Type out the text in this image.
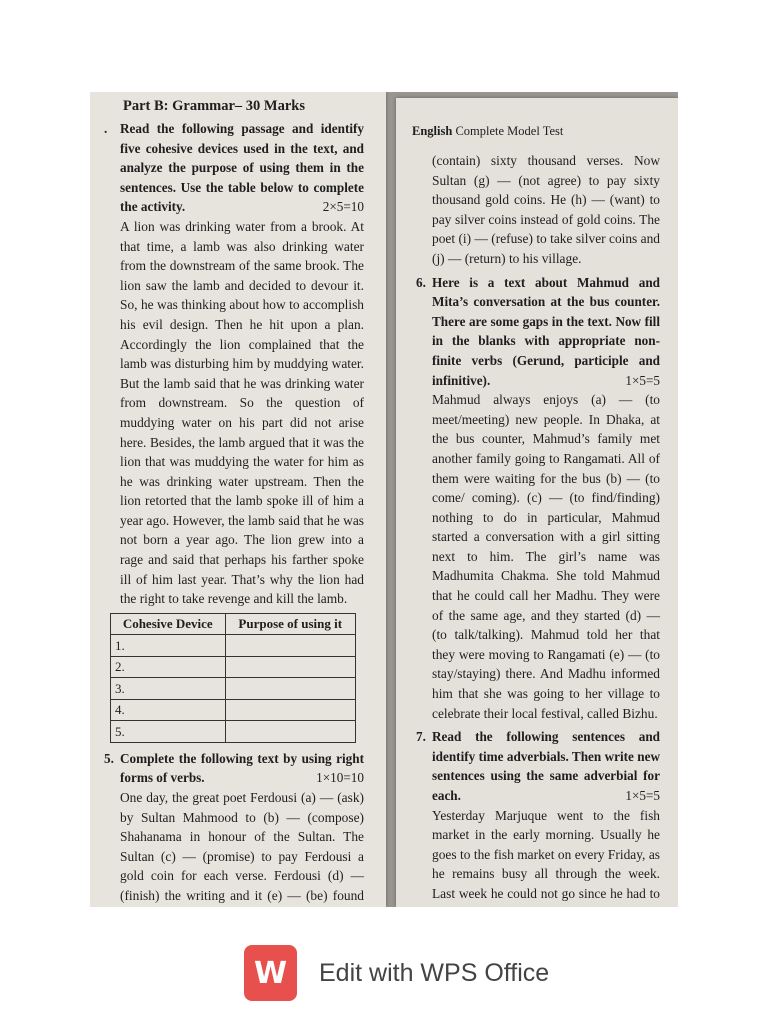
Part B: Grammar– 30 Marks
. Read the following passage and identify five cohesive devices used in the text, and analyze the purpose of using them in the sentences. Use the table below to complete the activity.	2×5=10
A lion was drinking water from a brook. At that time, a lamb was also drinking water from the downstream of the same brook. The lion saw the lamb and decided to devour it. So, he was thinking about how to accomplish his evil design. Then he hit upon a plan. Accordingly the lion complained that the lamb was disturbing him by muddying water. But the lamb said that he was drinking water from downstream. So the question of muddying water on his part did not arise here. Besides, the lamb argued that it was the lion that was muddying the water for him as he was drinking water upstream. Then the lion retorted that the lamb spoke ill of him a year ago. However, the lamb said that he was not born a year ago. The lion grew into a rage and said that perhaps his farther spoke ill of him last year. That’s why the lion had the right to take revenge and kill the lamb.
Cohesive Device	Purpose of using it
1.	
2.	
3.	
4.	
5.	
5. Complete the following text by using right forms of verbs.	1×10=10
One day, the great poet Ferdousi (a) — (ask) by Sultan Mahmood to (b) — (compose) Shahanama in honour of the Sultan. The Sultan (c) — (promise) to pay Ferdousi a gold coin for each verse. Ferdousi (d) — (finish) the writing and it (e) — (be) found
English Complete Model Test
(contain) sixty thousand verses. Now Sultan (g) — (not agree) to pay sixty thousand gold coins. He (h) — (want) to pay silver coins instead of gold coins. The poet (i) — (refuse) to take silver coins and (j) — (return) to his village.
6. Here is a text about Mahmud and Mita’s conversation at the bus counter. There are some gaps in the text. Now fill in the blanks with appropriate non-finite verbs (Gerund, participle and infinitive).	1×5=5
Mahmud always enjoys (a) — (to meet/meeting) new people. In Dhaka, at the bus counter, Mahmud’s family met another family going to Rangamati. All of them were waiting for the bus (b) — (to come/ coming). (c) — (to find/finding) nothing to do in particular, Mahmud started a conversation with a girl sitting next to him. The girl’s name was Madhumita Chakma. She told Mahmud that he could call her Madhu. They were of the same age, and they started (d) — (to talk/talking). Mahmud told her that they were moving to Rangamati (e) — (to stay/staying) there. And Madhu informed him that she was going to her village to celebrate their local festival, called Bizhu.
7. Read the following sentences and identify time adverbials. Then write new sentences using the same adverbial for each.	1×5=5
Yesterday Marjuque went to the fish market in the early morning. Usually he goes to the fish market on every Friday, as he remains busy all through the week. Last week he could not go since he had to
W	Edit with WPS Office
